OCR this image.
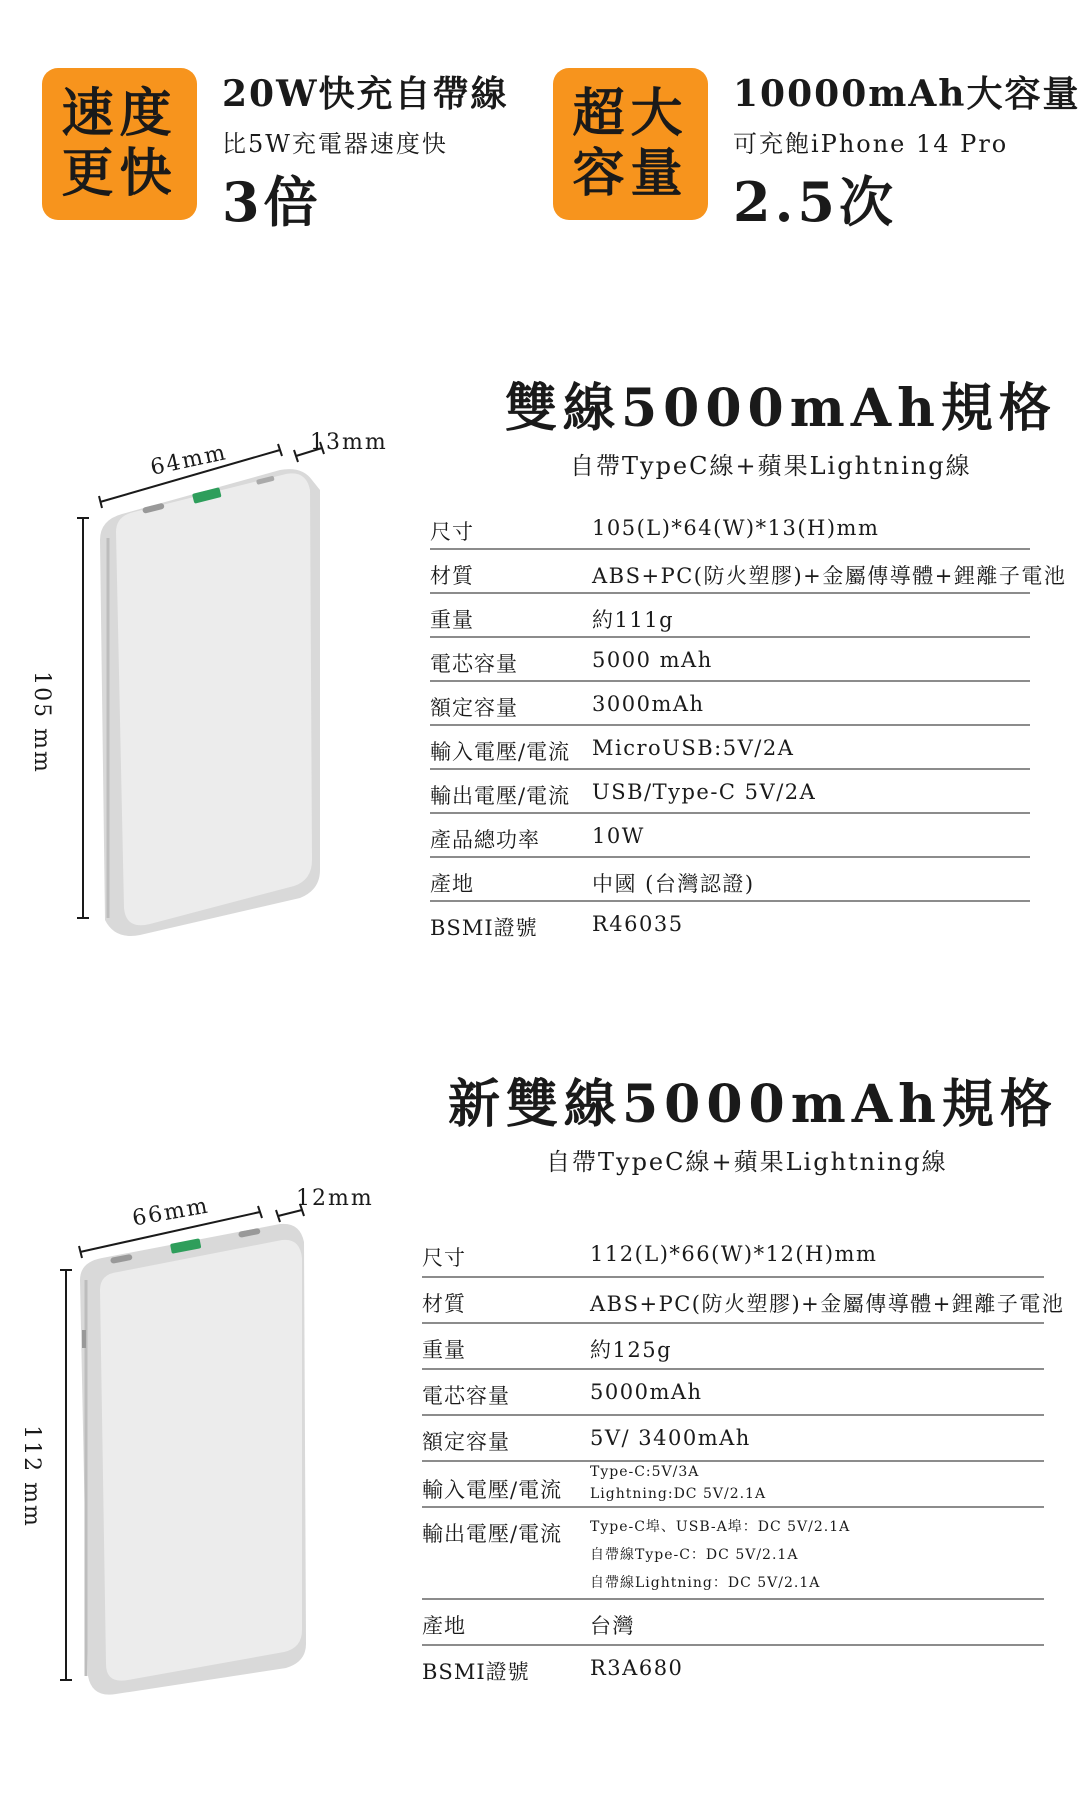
速度
更快
20W快充自帶線
比5W充電器速度快
3倍
超大
容量
10000mAh大容量
可充飽iPhone 14 Pro
2.5次
雙線5000mAh規格
自帶TypeC線+蘋果Lightning線
64mm	13mm
105 mm
尺寸	105(L)*64(W)*13(H)mm
材質	ABS+PC(防火塑膠)+金屬傳導體+鋰離子電池
重量	約111g
電芯容量	5000 mAh
額定容量	3000mAh
輸入電壓/電流 MicroUSB:5V/2A
輸出電壓/電流 USB/Type-C 5V/2A
產品總功率 10W
產地	中國 (台灣認證)
BSMI證號	R46035
新雙線5000mAh規格
自帶TypeC線+蘋果Lightning線
66mm	12mm
112 mm
尺寸	112(L)*66(W)*12(H)mm
材質	ABS+PC(防火塑膠)+金屬傳導體+鋰離子電池
重量	約125g
電芯容量	5000mAh
額定容量	5V/ 3400mAh
輸入電壓/電流
Type-C:5V/3A
Lightning:DC 5V/2.1A
輸出電壓/電流 Type-C埠、USB-A埠：DC 5V/2.1A
自帶線Type-C：DC 5V/2.1A
自帶線Lightning：DC 5V/2.1A
產地	台灣
BSMI證號	R3A680
